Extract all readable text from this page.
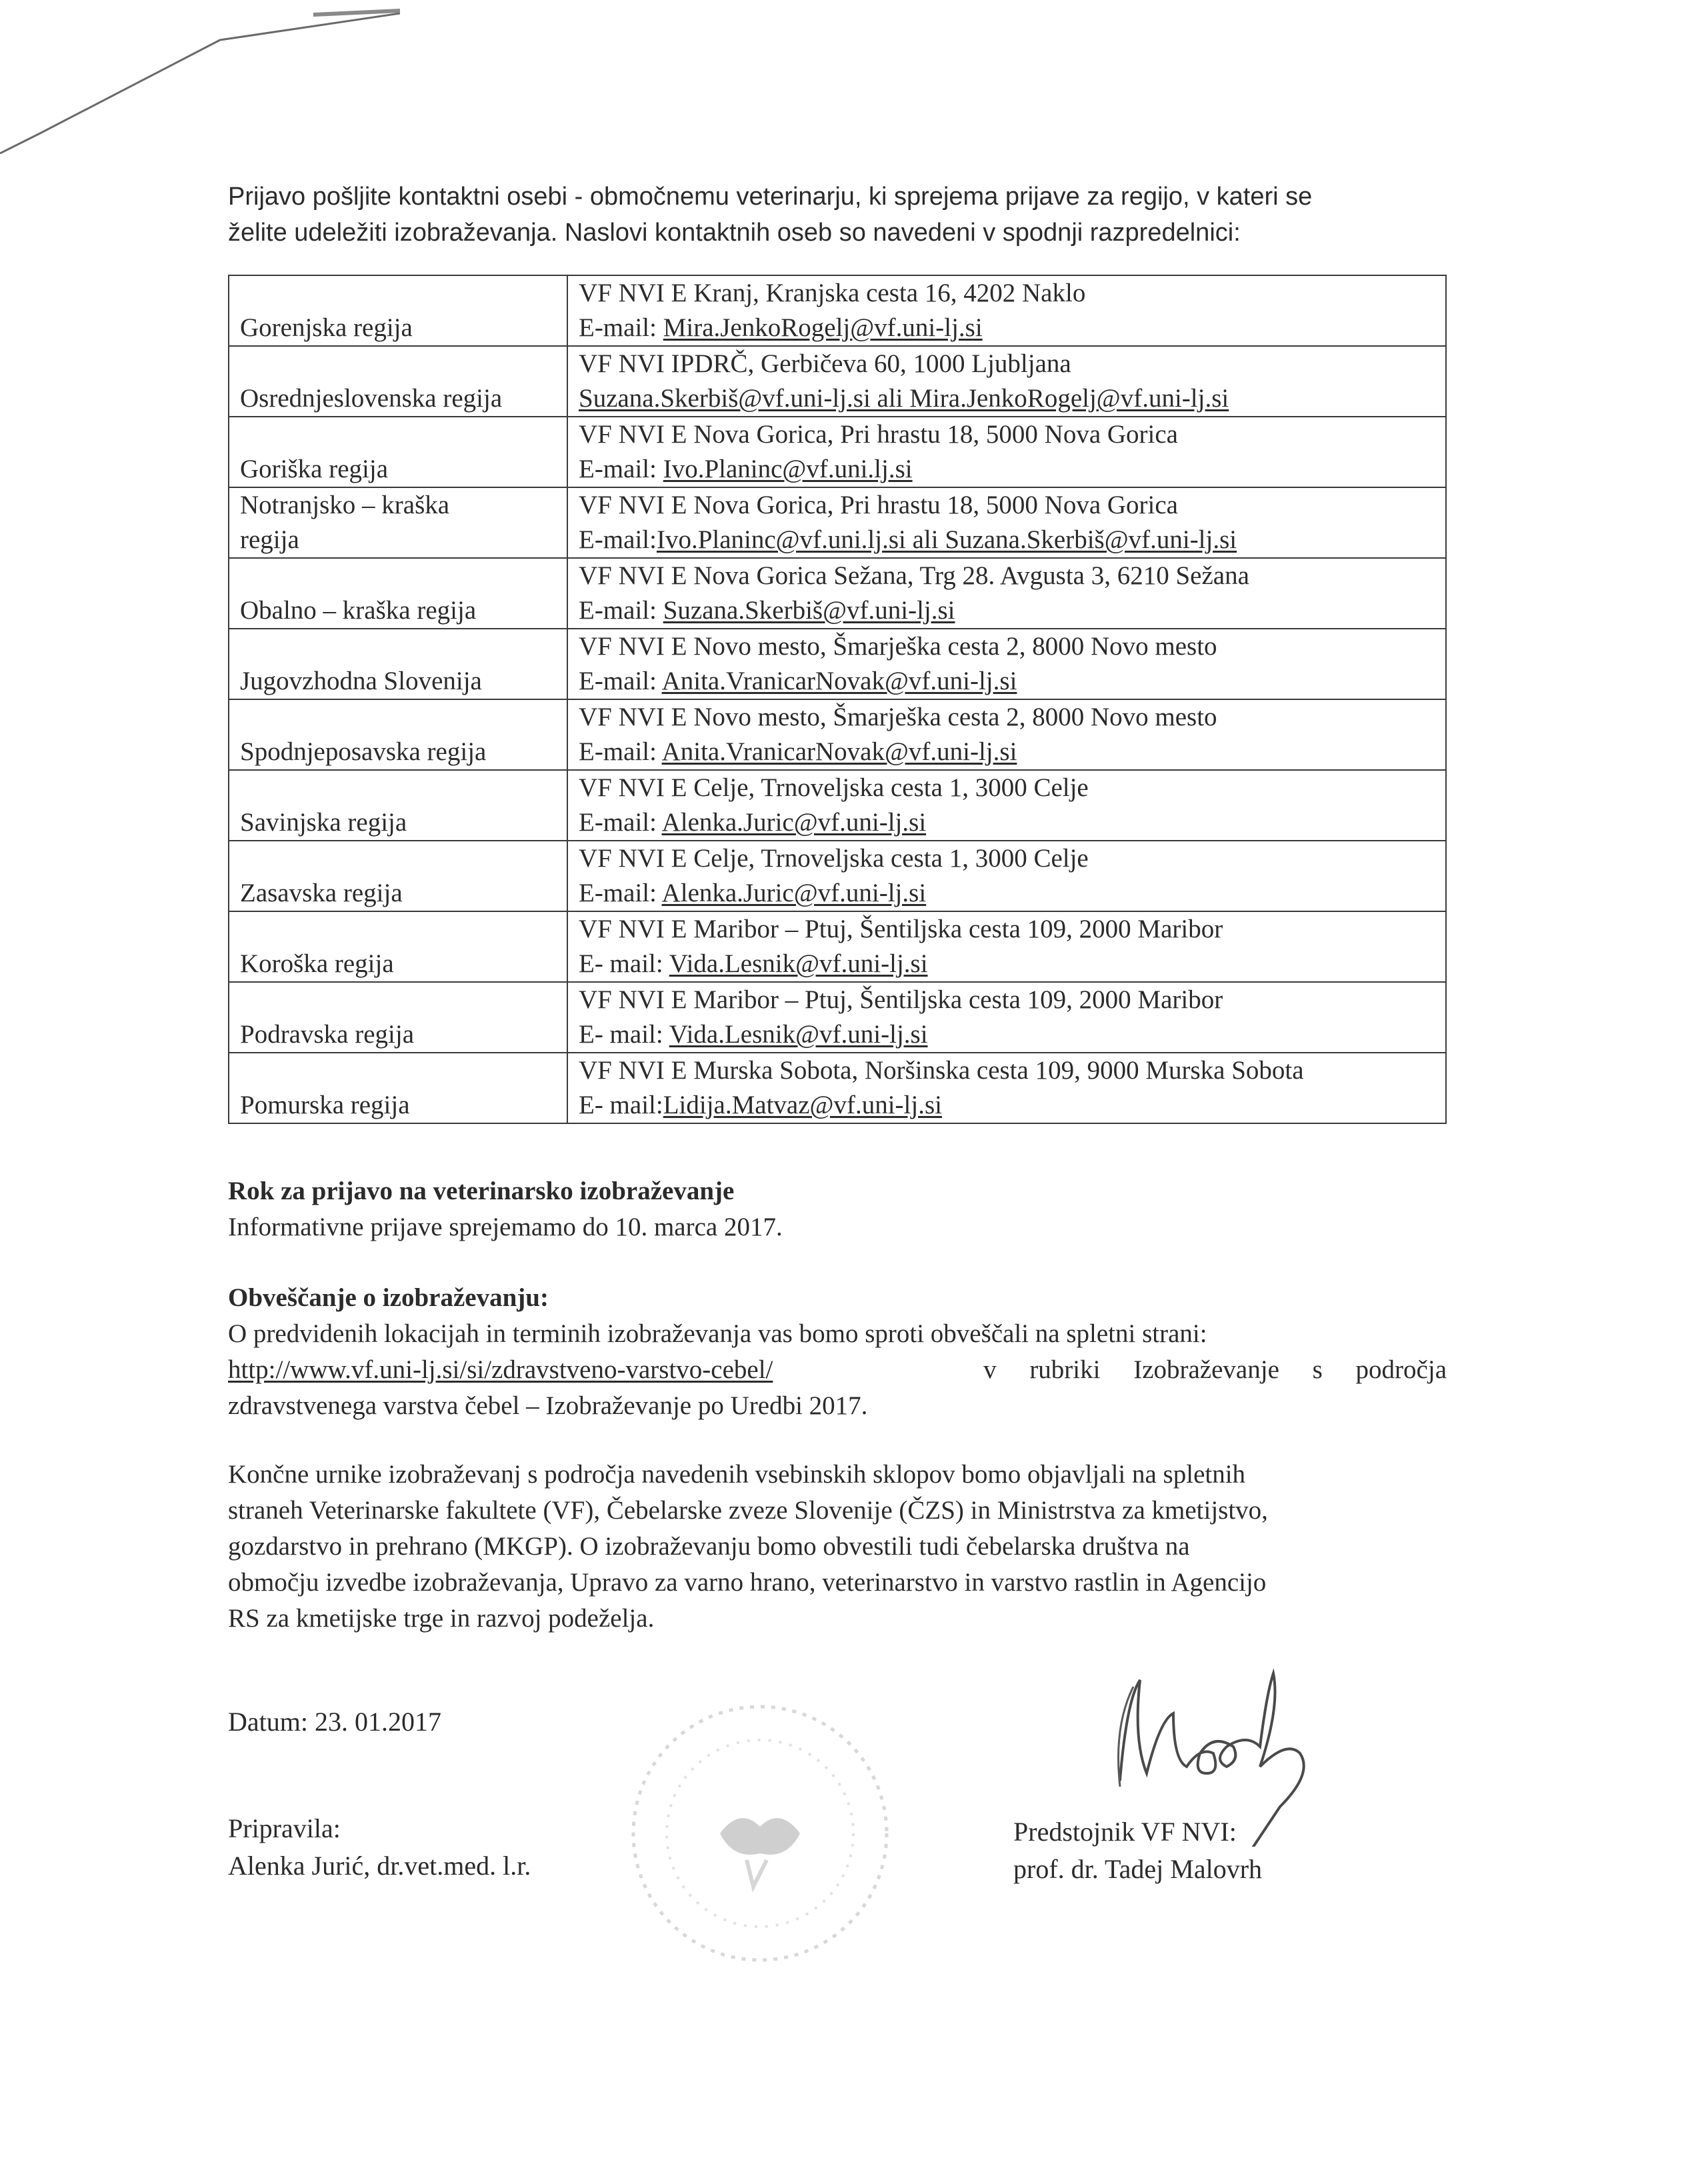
Prijavo pošljite kontaktni osebi - območnemu veterinarju, ki sprejema prijave za regijo, v kateri se

želite udeležiti izobraževanja. Naslovi kontaktnih oseb so navedeni v spodnji razpredelnici:

Gorenjska regija	VF NVI E Kranj, Kranjska cesta 16, 4202 Naklo
E-mail: Mira.JenkoRogelj@vf.uni-lj.si

Osrednjeslovenska regija	VF NVI IPDRČ, Gerbičeva 60, 1000 Ljubljana
Suzana.Skerbiš@vf.uni-lj.si ali Mira.JenkoRogelj@vf.uni-lj.si

Goriška regija	VF NVI E Nova Gorica, Pri hrastu 18, 5000 Nova Gorica
E-mail: Ivo.Planinc@vf.uni.lj.si

Notranjsko – kraška
regija	VF NVI E Nova Gorica, Pri hrastu 18, 5000 Nova Gorica
E-mail:Ivo.Planinc@vf.uni.lj.si ali Suzana.Skerbiš@vf.uni-lj.si

Obalno – kraška regija	VF NVI E Nova Gorica Sežana, Trg 28. Avgusta 3, 6210 Sežana
E-mail: Suzana.Skerbiš@vf.uni-lj.si

Jugovzhodna Slovenija	VF NVI E Novo mesto, Šmarješka cesta 2, 8000 Novo mesto
E-mail: Anita.VranicarNovak@vf.uni-lj.si

Spodnjeposavska regija	VF NVI E Novo mesto, Šmarješka cesta 2, 8000 Novo mesto
E-mail: Anita.VranicarNovak@vf.uni-lj.si

Savinjska regija	VF NVI E Celje, Trnoveljska cesta 1, 3000 Celje
E-mail: Alenka.Juric@vf.uni-lj.si

Zasavska regija	VF NVI E Celje, Trnoveljska cesta 1, 3000 Celje
E-mail: Alenka.Juric@vf.uni-lj.si

Koroška regija	VF NVI E Maribor – Ptuj, Šentiljska cesta 109, 2000 Maribor
E- mail: Vida.Lesnik@vf.uni-lj.si

Podravska regija	VF NVI E Maribor – Ptuj, Šentiljska cesta 109, 2000 Maribor
E- mail: Vida.Lesnik@vf.uni-lj.si

Pomurska regija	VF NVI E Murska Sobota, Noršinska cesta 109, 9000 Murska Sobota
E- mail:Lidija.Matvaz@vf.uni-lj.si

Rok za prijavo na veterinarsko izobraževanje

Informativne prijave sprejemamo do 10. marca 2017.

Obveščanje o izobraževanju:

O predvidenih lokacijah in terminih izobraževanja vas bomo sproti obveščali na spletni strani:

http://www.vf.uni-lj.si/si/zdravstveno-varstvo-cebel/	v rubriki Izobraževanje s področja

zdravstvenega varstva čebel – Izobraževanje po Uredbi 2017.

Končne urnike izobraževanj s področja navedenih vsebinskih sklopov bomo objavljali na spletnih

straneh Veterinarske fakultete (VF), Čebelarske zveze Slovenije (ČZS) in Ministrstva za kmetijstvo,

gozdarstvo in prehrano (MKGP). O izobraževanju bomo obvestili tudi čebelarska društva na

območju izvedbe izobraževanja, Upravo za varno hrano, veterinarstvo in varstvo rastlin in Agencijo

RS za kmetijske trge in razvoj podeželja.

Datum: 23. 01.2017
Pripravila:
Alenka Jurić, dr.vet.med. l.r.
Predstojnik VF NVI:
prof. dr. Tadej Malovrh
